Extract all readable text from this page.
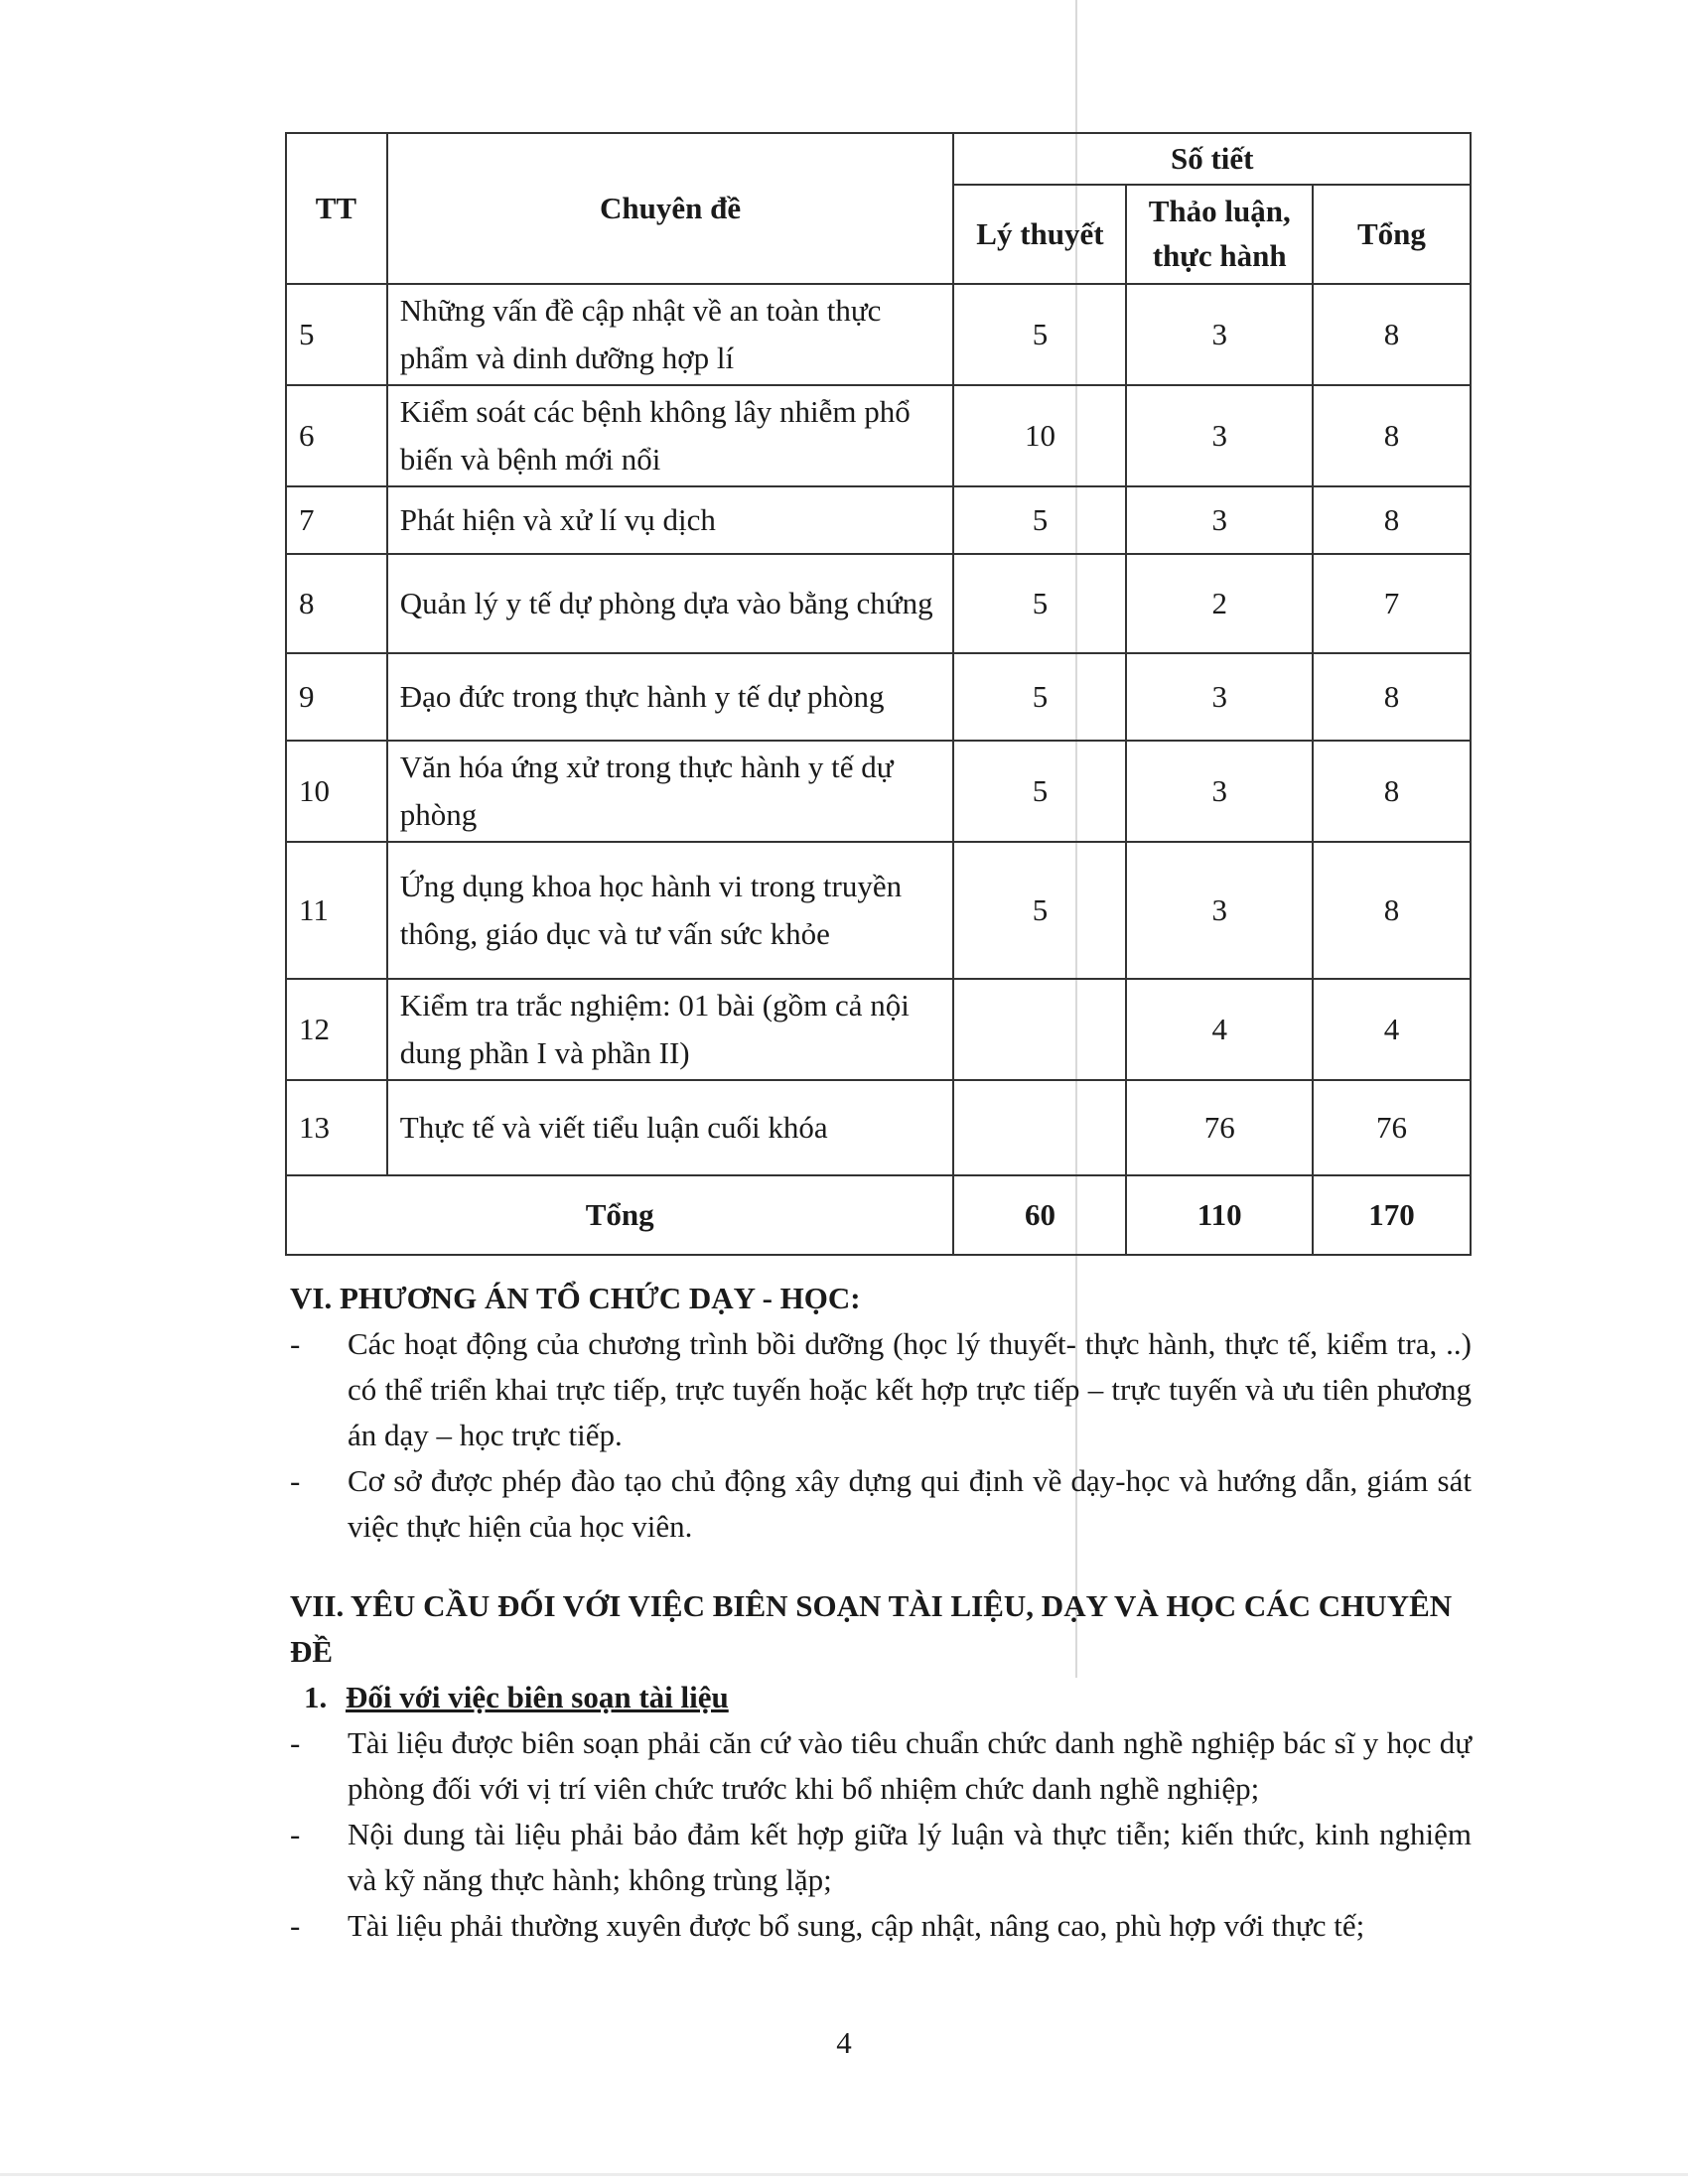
TT	Chuyên đề	Số tiết		
		Lý thuyết	Thảo luận, thực hành	Tổng
5	Những vấn đề cập nhật về an toàn thực phẩm và dinh dưỡng hợp lí	5	3	8
6	Kiểm soát các bệnh không lây nhiễm phổ biến và bệnh mới nổi	10	3	8
7	Phát hiện và xử lí vụ dịch	5	3	8
8	Quản lý y tế dự phòng dựa vào bằng chứng	5	2	7
9	Đạo đức trong thực hành y tế dự phòng	5	3	8
10	Văn hóa ứng xử trong thực hành y tế dự phòng	5	3	8
11	Ứng dụng khoa học hành vi trong truyền thông, giáo dục và tư vấn sức khỏe	5	3	8
12	Kiểm tra trắc nghiệm: 01 bài (gồm cả nội dung phần I và phần II)		4	4
13	Thực tế và viết tiểu luận cuối khóa		76	76
Tổng		60	110	170

VI. PHƯƠNG ÁN TỔ CHỨC DẠY - HỌC:

-	Các hoạt động của chương trình bồi dưỡng (học lý thuyết- thực hành, thực tế, kiểm tra, ..) có thể triển khai trực tiếp, trực tuyến hoặc kết hợp trực tiếp – trực tuyến và ưu tiên phương án dạy – học trực tiếp.

-	Cơ sở được phép đào tạo chủ động xây dựng qui định về dạy-học và hướng dẫn, giám sát việc thực hiện của học viên.

VII. YÊU CẦU ĐỐI VỚI VIỆC BIÊN SOẠN TÀI LIỆU, DẠY VÀ HỌC CÁC CHUYÊN ĐỀ

1. Đối với việc biên soạn tài liệu

-	Tài liệu được biên soạn phải căn cứ vào tiêu chuẩn chức danh nghề nghiệp bác sĩ y học dự phòng đối với vị trí viên chức trước khi bổ nhiệm chức danh nghề nghiệp;

-	Nội dung tài liệu phải bảo đảm kết hợp giữa lý luận và thực tiễn; kiến thức, kinh nghiệm và kỹ năng thực hành; không trùng lặp;

-	Tài liệu phải thường xuyên được bổ sung, cập nhật, nâng cao, phù hợp với thực tế;

4
